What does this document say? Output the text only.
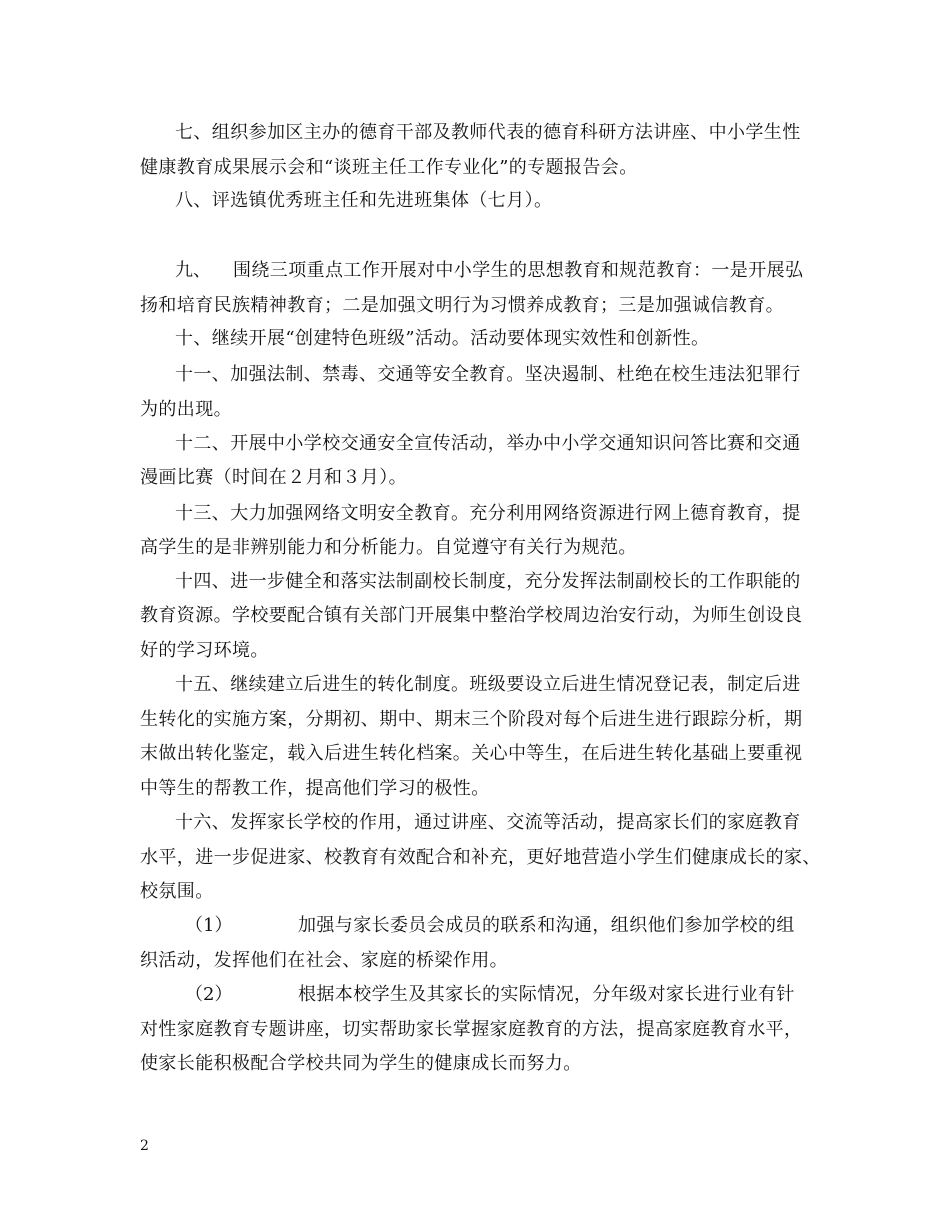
七、组织参加区主办的德育干部及教师代表的德育科研方法讲座、中小学生性
健康教育成果展示会和“谈班主任工作专业化”的专题报告会。
八、评选镇优秀班主任和先进班集体（七月）。
九、 围绕三项重点工作开展对中小学生的思想教育和规范教育：一是开展弘
扬和培育民族精神教育；二是加强文明行为习惯养成教育；三是加强诚信教育。
十、继续开展“创建特色班级”活动。活动要体现实效性和创新性。
十一、加强法制、禁毒、交通等安全教育。坚决遏制、杜绝在校生违法犯罪行
为的出现。
十二、开展中小学校交通安全宣传活动，举办中小学交通知识问答比赛和交通
漫画比赛（时间在２月和３月）。
十三、大力加强网络文明安全教育。充分利用网络资源进行网上德育教育，提
高学生的是非辨别能力和分析能力。自觉遵守有关行为规范。
十四、进一步健全和落实法制副校长制度，充分发挥法制副校长的工作职能的
教育资源。学校要配合镇有关部门开展集中整治学校周边治安行动，为师生创设良
好的学习环境。
十五、继续建立后进生的转化制度。班级要设立后进生情况登记表，制定后进
生转化的实施方案，分期初、期中、期末三个阶段对每个后进生进行跟踪分析，期
末做出转化鉴定，载入后进生转化档案。关心中等生，在后进生转化基础上要重视
中等生的帮教工作，提高他们学习的极性。
十六、发挥家长学校的作用，通过讲座、交流等活动，提高家长们的家庭教育
水平，进一步促进家、校教育有效配合和补充，更好地营造小学生们健康成长的家、
校氛围。
（1）	加强与家长委员会成员的联系和沟通，组织他们参加学校的组
织活动，发挥他们在社会、家庭的桥梁作用。
（2）	根据本校学生及其家长的实际情况，分年级对家长进行业有针
对性家庭教育专题讲座，切实帮助家长掌握家庭教育的方法，提高家庭教育水平，
使家长能积极配合学校共同为学生的健康成长而努力。
2
